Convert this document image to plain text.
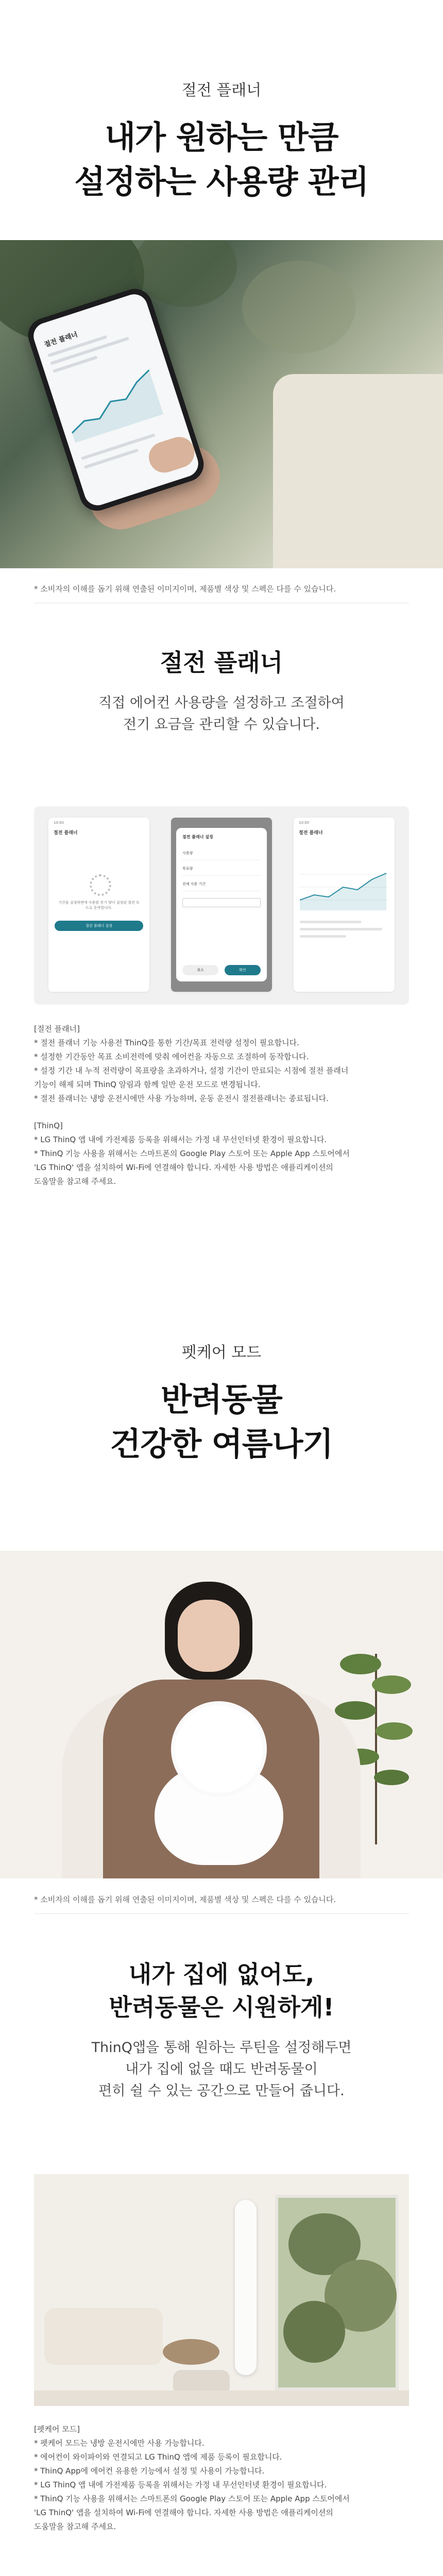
절전 플래너
내가 원하는 만큼
설정하는 사용량 관리
절전 플래너
* 소비자의 이해를 돕기 위해 연출된 이미지이며, 제품별 색상 및 스펙은 다를 수 있습니다.
절전 플래너
직접 에어컨 사용량을 설정하고 조절하여
전기 요금을 관리할 수 있습니다.
10:00
절전 플래너
기간을 설정하면에 사용할 전기 양이 설정된 절전 모드로 동작합니다.
절전 플래너 설정
절전 플래너 설정
사용량
목표량
전체 사용 기간
취소	확인
10:00
절전 플래너
[절전 플래너]
* 절전 플래너 기능 사용전 ThinQ를 통한 기간/목표 전력량 설정이 필요합니다.
* 설정한 기간동안 목표 소비전력에 맞춰 에어컨을 자동으로 조절하여 동작합니다.
* 설정 기간 내 누적 전력량이 목표량을 초과하거나, 설정 기간이 만료되는 시점에 절전 플래너
기능이 해제 되며 ThinQ 알림과 함께 일반 운전 모드로 변경됩니다.
* 절전 플래너는 냉방 운전시에만 사용 가능하며, 운동 운전시 절전플래너는 종료됩니다.
[ThinQ]
* LG ThinQ 앱 내에 가전제품 등록을 위해서는 가정 내 무선인터넷 환경이 필요합니다.
* ThinQ 기능 사용을 위해서는 스마트폰의 Google Play 스토어 또는 Apple App 스토어에서
'LG ThinQ' 앱을 설치하여 Wi-Fi에 연결해야 합니다. 자세한 사용 방법은 애플리케이션의
도움말을 참고해 주세요.
펫케어 모드
반려동물
건강한 여름나기
* 소비자의 이해를 돕기 위해 연출된 이미지이며, 제품별 색상 및 스펙은 다를 수 있습니다.
내가 집에 없어도,
반려동물은 시원하게!
ThinQ앱을 통해 원하는 루틴을 설정해두면
내가 집에 없을 때도 반려동물이
편히 쉴 수 있는 공간으로 만들어 줍니다.
[펫케어 모드]
* 펫케어 모드는 냉방 운전시에만 사용 가능합니다.
* 에어컨이 와이파이와 연결되고 LG ThinQ 앱에 제품 등록이 필요합니다.
* ThinQ App에 에어컨 유용한 기능에서 설정 및 사용이 가능합니다.
* LG ThinQ 앱 내에 가전제품 등록을 위해서는 가정 내 무선인터넷 환경이 필요합니다.
* ThinQ 기능 사용을 위해서는 스마트폰의 Google Play 스토어 또는 Apple App 스토어에서
'LG ThinQ' 앱을 설치하여 Wi-Fi에 연결해야 합니다. 자세한 사용 방법은 애플리케이션의
도움말을 참고해 주세요.
